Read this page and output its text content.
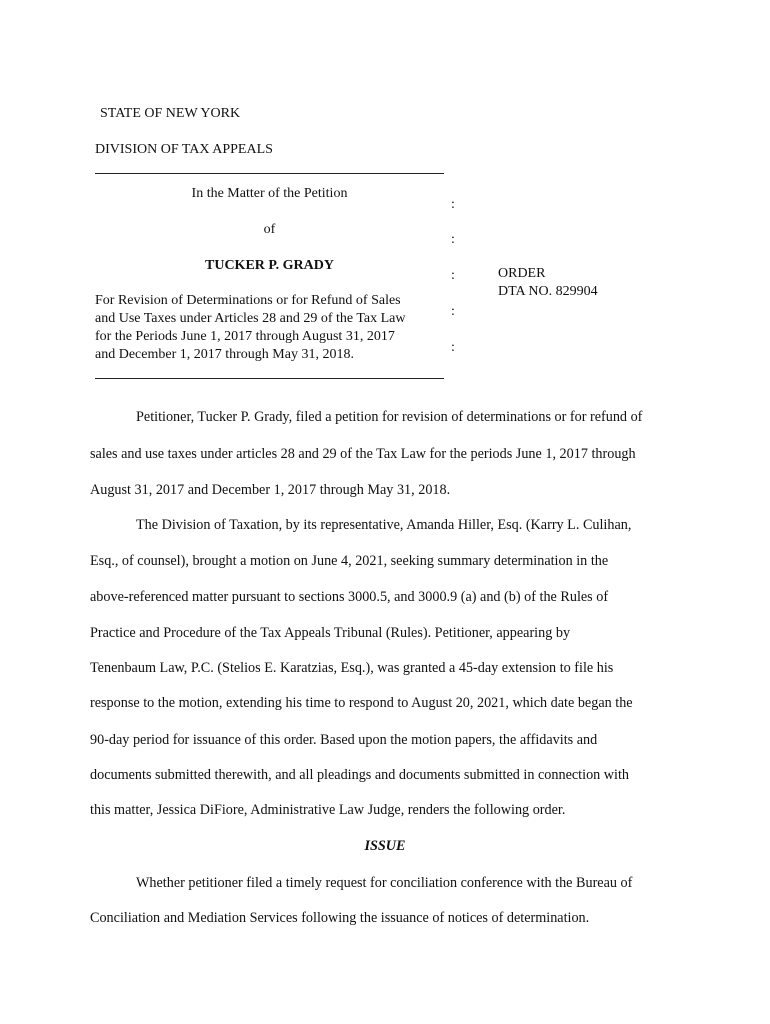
STATE OF NEW YORK
DIVISION OF TAX APPEALS
In the Matter of the Petition
of
TUCKER P. GRADY
For Revision of Determinations or for Refund of Sales
and Use Taxes under Articles 28 and 29 of the Tax Law
for the Periods June 1, 2017 through August 31, 2017
and December 1, 2017 through May 31, 2018.
:
:
:
:
:
ORDER
DTA NO. 829904
Petitioner, Tucker P. Grady, filed a petition for revision of determinations or for refund of
sales and use taxes under articles 28 and 29 of the Tax Law for the periods June 1, 2017 through
August 31, 2017 and December 1, 2017 through May 31, 2018.
The Division of Taxation, by its representative, Amanda Hiller, Esq. (Karry L. Culihan,
Esq., of counsel), brought a motion on June 4, 2021, seeking summary determination in the
above-referenced matter pursuant to sections 3000.5, and 3000.9 (a) and (b) of the Rules of
Practice and Procedure of the Tax Appeals Tribunal (Rules). Petitioner, appearing by
Tenenbaum Law, P.C. (Stelios E. Karatzias, Esq.), was granted a 45-day extension to file his
response to the motion, extending his time to respond to August 20, 2021, which date began the
90-day period for issuance of this order. Based upon the motion papers, the affidavits and
documents submitted therewith, and all pleadings and documents submitted in connection with
this matter, Jessica DiFiore, Administrative Law Judge, renders the following order.
ISSUE
Whether petitioner filed a timely request for conciliation conference with the Bureau of
Conciliation and Mediation Services following the issuance of notices of determination.
